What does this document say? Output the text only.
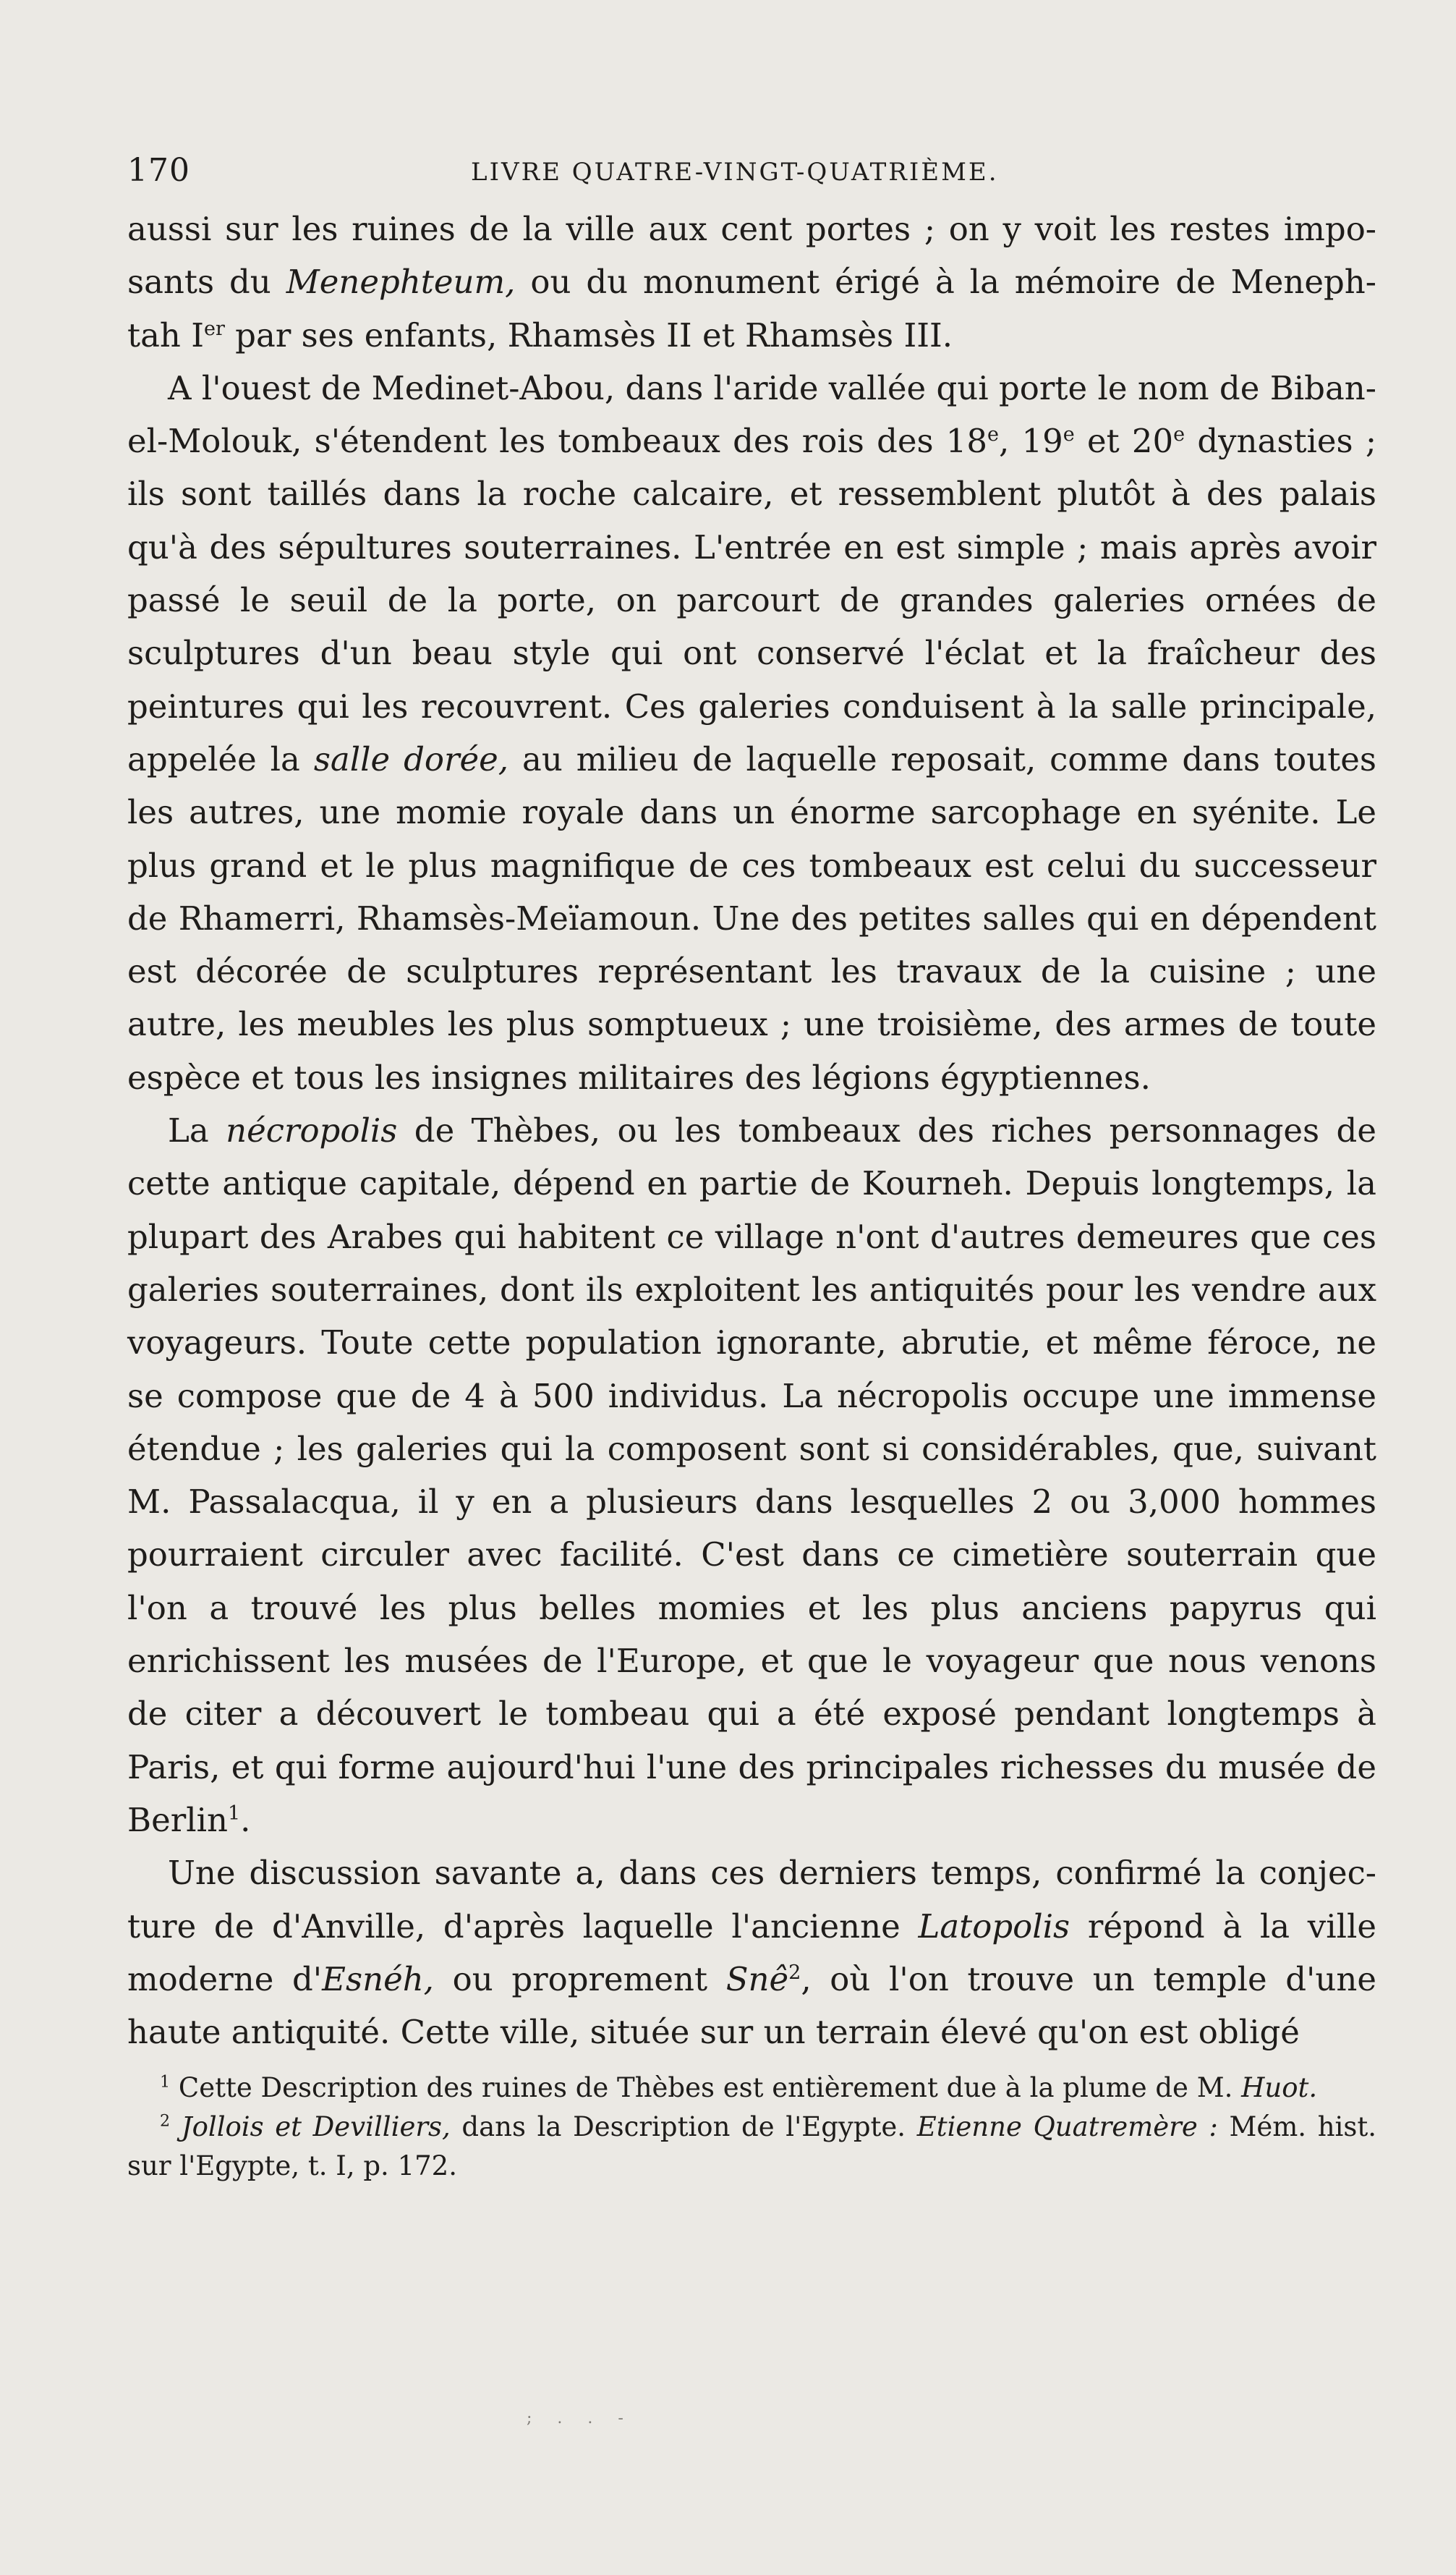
170	LIVRE QUATRE-VINGT-QUATRIÈME.

aussi sur les ruines de la ville aux cent portes ; on y voit les restes impo-sants du Menephteum, ou du monument érigé à la mémoire de Meneph-tah Ier par ses enfants, Rhamsès II et Rhamsès III.

A l'ouest de Medinet-Abou, dans l'aride vallée qui porte le nom de Biban-el-Molouk, s'étendent les tombeaux des rois des 18e, 19e et 20e dynasties ; ils sont taillés dans la roche calcaire, et ressemblent plutôt à des palais qu'à des sépultures souterraines. L'entrée en est simple ; mais après avoir passé le seuil de la porte, on parcourt de grandes galeries ornées de sculptures d'un beau style qui ont conservé l'éclat et la fraîcheur des peintures qui les recouvrent. Ces galeries conduisent à la salle principale, appelée la salle dorée, au milieu de laquelle reposait, comme dans toutes les autres, une momie royale dans un énorme sarcophage en syénite. Le plus grand et le plus magnifique de ces tombeaux est celui du successeur de Rhamerri, Rhamsès-Meïamoun. Une des petites salles qui en dépendent est décorée de sculptures représentant les travaux de la cuisine ; une autre, les meubles les plus somptueux ; une troisième, des armes de toute espèce et tous les insignes militaires des légions égyptiennes.

La nécropolis de Thèbes, ou les tombeaux des riches personnages de cette antique capitale, dépend en partie de Kourneh. Depuis longtemps, la plupart des Arabes qui habitent ce village n'ont d'autres demeures que ces galeries souterraines, dont ils exploitent les antiquités pour les vendre aux voyageurs. Toute cette population ignorante, abrutie, et même féroce, ne se compose que de 4 à 500 individus. La nécropolis occupe une immense étendue ; les galeries qui la composent sont si considérables, que, suivant M. Passalacqua, il y en a plusieurs dans lesquelles 2 ou 3,000 hommes pourraient circuler avec facilité. C'est dans ce cimetière souterrain que l'on a trouvé les plus belles momies et les plus anciens papyrus qui enrichissent les musées de l'Europe, et que le voyageur que nous venons de citer a découvert le tombeau qui a été exposé pendant longtemps à Paris, et qui forme aujourd'hui l'une des principales richesses du musée de Berlin$^1$.

Une discussion savante a, dans ces derniers temps, confirmé la conjec-ture de d'Anville, d'après laquelle l'ancienne Latopolis répond à la ville moderne d'Esnéh, ou proprement Snê$^2$, où l'on trouve un temple d'une haute antiquité. Cette ville, située sur un terrain élevé qu'on est obligé

$^1$ Cette Description des ruines de Thèbes est entièrement due à la plume de M. Huot.

$^2$ Jollois et Devilliers, dans la Description de l'Egypte. Etienne Quatremère : Mém. hist. sur l'Egypte, t. I, p. 172.

; . . -
